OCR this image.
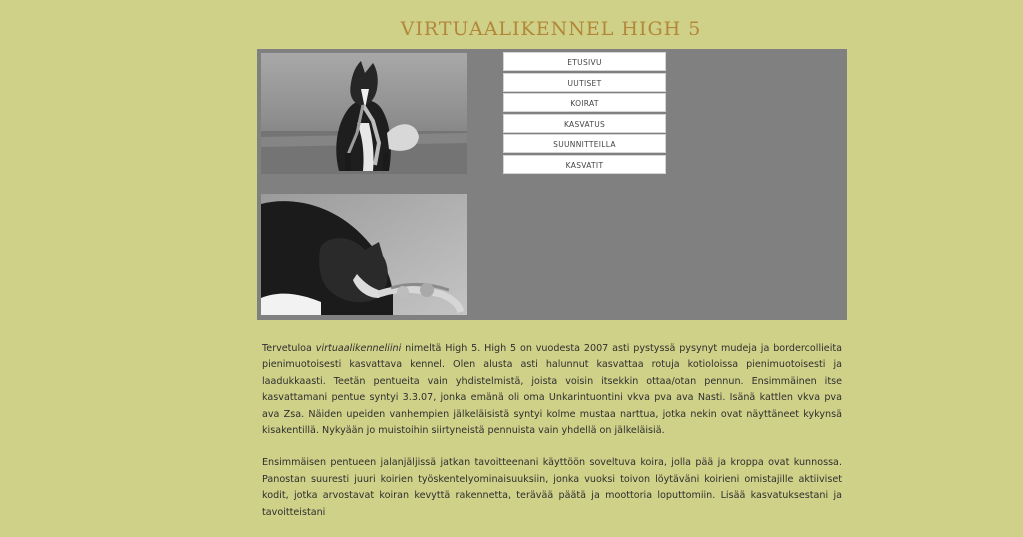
VIRTUAALIKENNEL HIGH 5
ETUSIVU
UUTISET
KOIRAT
KASVATUS
SUUNNITTEILLA
KASVATIT

Tervetuloa virtuaalikenneliini nimeltä High 5. High 5 on vuodesta 2007 asti pystyssä pysynyt mudeja ja bordercollieita pienimuotoisesti kasvattava kennel. Olen alusta asti halunnut kasvattaa rotuja kotioloissa pienimuotoisesti ja laadukkaasti. Teetän pentueita vain yhdistelmistä, joista voisin itsekkin ottaa/otan pennun. Ensimmäinen itse kasvattamani pentue syntyi 3.3.07, jonka emänä oli oma Unkarintuontini vkva pva ava Nasti. Isänä kattlen vkva pva ava Zsa. Näiden upeiden vanhempien jälkeläisistä syntyi kolme mustaa narttua, jotka nekin ovat näyttäneet kykynsä kisakentillä. Nykyään jo muistoihin siirtyneistä pennuista vain yhdellä on jälkeläisiä.

Ensimmäisen pentueen jalanjäljissä jatkan tavoitteenani käyttöön soveltuva koira, jolla pää ja kroppa ovat kunnossa. Panostan suuresti juuri koirien työskentelyominaisuuksiin, jonka vuoksi toivon löytäväni koirieni omistajille aktiiviset kodit, jotka arvostavat koiran kevyttä rakennetta, terävää päätä ja moottoria loputtomiin. Lisää kasvatuksestani ja tavoitteistani
